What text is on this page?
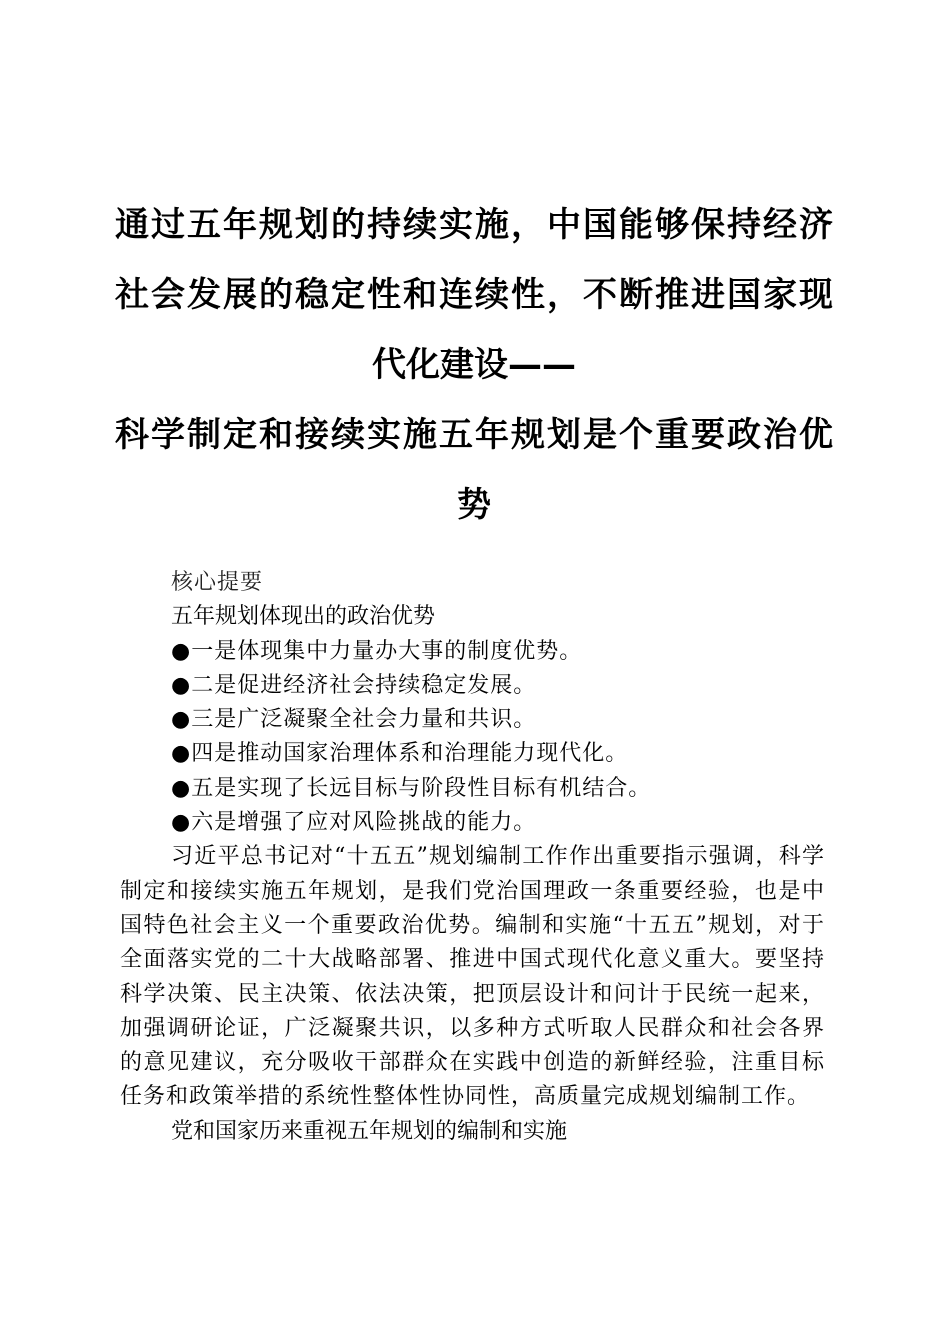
通过五年规划的持续实施，中国能够保持经济
社会发展的稳定性和连续性，不断推进国家现
代化建设——
科学制定和接续实施五年规划是个重要政治优
势

核心提要

五年规划体现出的政治优势

●一是体现集中力量办大事的制度优势。

●二是促进经济社会持续稳定发展。

●三是广泛凝聚全社会力量和共识。

●四是推动国家治理体系和治理能力现代化。

●五是实现了长远目标与阶段性目标有机结合。

●六是增强了应对风险挑战的能力。

习近平总书记对“十五五”规划编制工作作出重要指示强调，科学制定和接续实施五年规划，是我们党治国理政一条重要经验，也是中国特色社会主义一个重要政治优势。编制和实施“十五五”规划，对于全面落实党的二十大战略部署、推进中国式现代化意义重大。要坚持科学决策、民主决策、依法决策，把顶层设计和问计于民统一起来，加强调研论证，广泛凝聚共识，以多种方式听取人民群众和社会各界的意见建议，充分吸收干部群众在实践中创造的新鲜经验，注重目标任务和政策举措的系统性整体性协同性，高质量完成规划编制工作。

党和国家历来重视五年规划的编制和实施
